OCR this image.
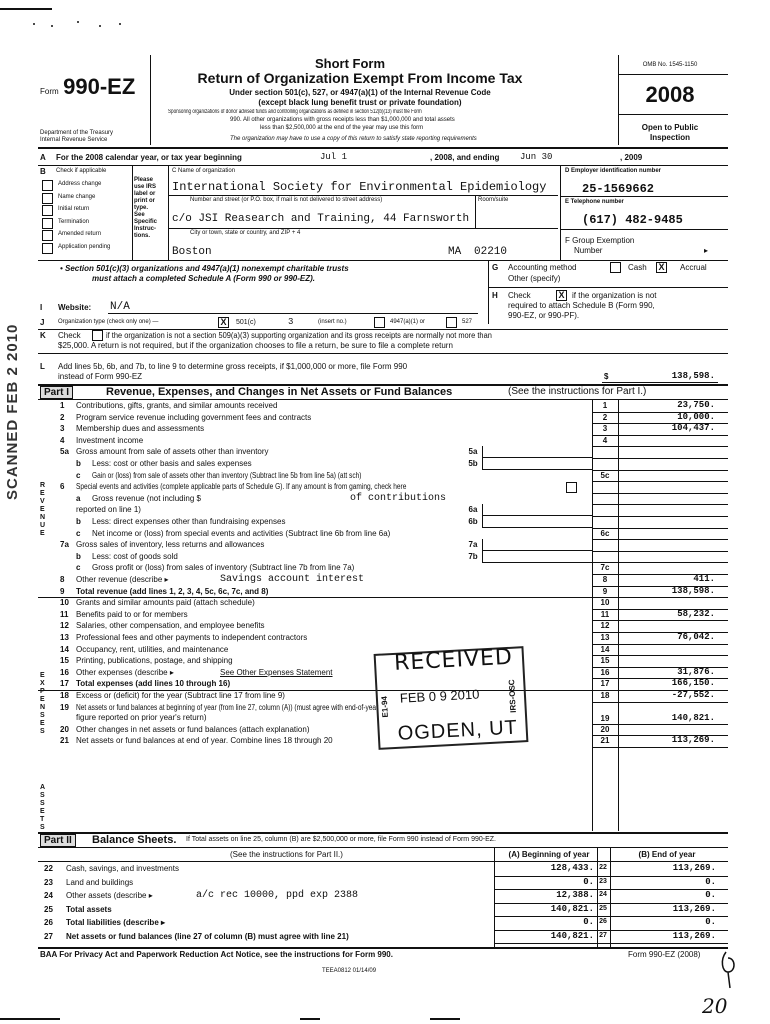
Form 990-EZ
Department of the Treasury
Internal Revenue Service
Short Form
Return of Organization Exempt From Income Tax
Under section 501(c), 527, or 4947(a)(1) of the Internal Revenue Code
(except black lung benefit trust or private foundation)
Sponsoring organizations of donor advised funds and controlling organizations as defined in section 512(b)(13) must file Form
990. All other organizations with gross receipts less than $1,000,000 and total assets
less than $2,500,000 at the end of the year may use this form
The organization may have to use a copy of this return to satisfy state reporting requirements
OMB No. 1545-1150
2008
Open to Public
Inspection
A For the 2008 calendar year, or tax year beginning	Jul 1	, 2008, and ending Jun 30	, 2009
B Check if applicable
Address change
Name change
Initial return
Termination
Amended return
Application pending
Please
use IRS
label or
print or
type.
See
Specific
Instruc-
tions.
C Name of organization
International Society for Environmental Epidemiology
Number and street (or P.O. box, if mail is not delivered to street address)	Room/suite
c/o JSI Reasearch and Training, 44 Farnsworth
City or town, state or country, and ZIP + 4
Boston	MA 02210
D Employer identification number
25-1569662
E Telephone number
(617) 482-9485
F Group Exemption
Number	▸
• Section 501(c)(3) organizations and 4947(a)(1) nonexempt charitable trusts
must attach a completed Schedule A (Form 990 or 990-EZ).
G Accounting method	Cash X	Accrual
Other (specify)
H Check	X if the organization is not
required to attach Schedule B (Form 990,
990-EZ, or 990-PF).
I Website: N/A
J Organization type (check only one) —	X	501(c)	3	(insert no.)	4947(a)(1) or	527
K Check	if the organization is not a section 509(a)(3) supporting organization and its gross receipts are normally not more than
$25,000. A return is not required, but if the organization chooses to file a return, be sure to file a complete return
L Add lines 5b, 6b, and 7b, to line 9 to determine gross receipts, if $1,000,000 or more, file Form 990
instead of Form 990-EZ	$	138,598.
Part I	Revenue, Expenses, and Changes in Net Assets or Fund Balances	(See the instructions for Part I.)
R E V E N U E
E X P E N S E S
A S S E T S
1 Contributions, gifts, grants, and similar amounts received	1	23,750.
2 Program service revenue including government fees and contracts	2	10,000.
3 Membership dues and assessments	3	104,437.
4 Investment income	4
5a Gross amount from sale of assets other than inventory	5a
b Less: cost or other basis and sales expenses	5b
c Gain or (loss) from sale of assets other than inventory (Subtract line 5b from line 5a) (att sch)	5c
6 Special events and activities (complete applicable parts of Schedule G). If any amount is from gaming, check here
a Gross revenue (not including $	of contributions
reported on line 1)	6a
b Less: direct expenses other than fundraising expenses	6b
c Net income or (loss) from special events and activities (Subtract line 6b from line 6a)	6c
7a Gross sales of inventory, less returns and allowances	7a
b Less: cost of goods sold	7b
c Gross profit or (loss) from sales of inventory (Subtract line 7b from line 7a)	7c
8 Other revenue (describe ▸	Savings account interest	8	411.
9 Total revenue (add lines 1, 2, 3, 4, 5c, 6c, 7c, and 8)	9	138,598.
10 Grants and similar amounts paid (attach schedule)	10
11 Benefits paid to or for members	11	58,232.
12 Salaries, other compensation, and employee benefits	12
13 Professional fees and other payments to independent contractors	13	76,042.
14 Occupancy, rent, utilities, and maintenance	14
15 Printing, publications, postage, and shipping	15
16 Other expenses (describe ▸	See Other Expenses Statement	16	31,876.
17 Total expenses (add lines 10 through 16)	17	166,150.
18 Excess or (deficit) for the year (Subtract line 17 from line 9)	18	-27,552.
19 Net assets or fund balances at beginning of year (from line 27, column (A)) (must agree with end-of-year
figure reported on prior year's return)	19	140,821.
20 Other changes in net assets or fund balances (attach explanation)	20
21 Net assets or fund balances at end of year. Combine lines 18 through 20	21	113,269.
Part II	Balance Sheets. If Total assets on line 25, column (B) are $2,500,000 or more, file Form 990 instead of Form 990-EZ.
(See the instructions for Part II.)	(A) Beginning of year	(B) End of year
22 Cash, savings, and investments	128,433. 22	113,269.
23 Land and buildings	0. 23	0.
24 Other assets (describe ▸	a/c rec 10000, ppd exp 2388	12,388. 24	0.
25 Total assets	140,821. 25	113,269.
26 Total liabilities (describe ▸	0. 26	0.
27 Net assets or fund balances (line 27 of column (B) must agree with line 21)	140,821. 27	113,269.
BAA For Privacy Act and Paperwork Reduction Act Notice, see the instructions for Form 990.	Form 990-EZ (2008)
TEEA0812 01/14/09
20
RECEIVED
FEB 0 9 2010
OGDEN, UT
E1-94	IRS-OSC
SCANNED FEB 2 2010
